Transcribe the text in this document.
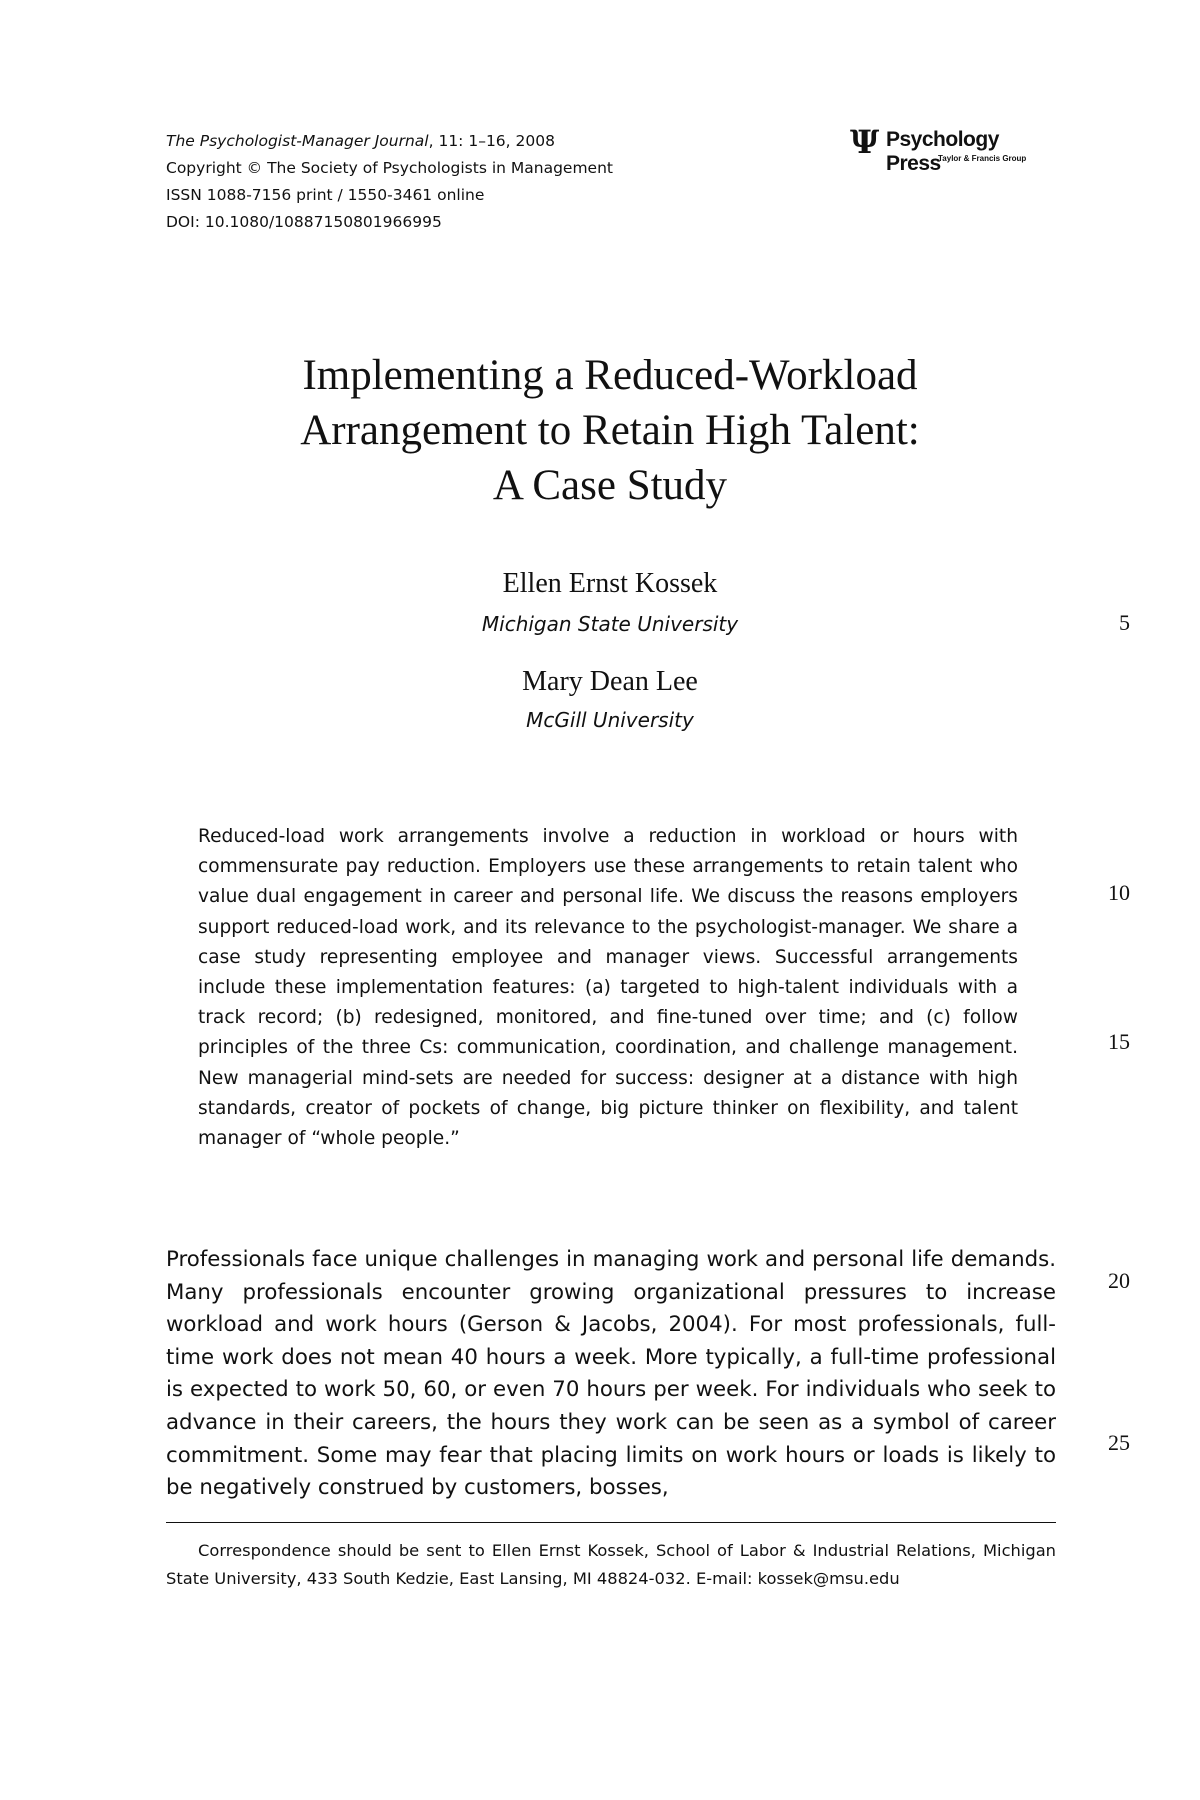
The Psychologist-Manager Journal, 11: 1–16, 2008
Copyright © The Society of Psychologists in Management
ISSN 1088-7156 print / 1550-3461 online
DOI: 10.1080/10887150801966995
Ψ Psychology Press
Taylor & Francis Group
Implementing a Reduced-Workload
Arrangement to Retain High Talent:
A Case Study
Ellen Ernst Kossek
Michigan State University
Mary Dean Lee
McGill University
5
10
15
20
25
Reduced-load work arrangements involve a reduction in workload or hours with commensurate pay reduction. Employers use these arrangements to retain talent who value dual engagement in career and personal life. We discuss the reasons employers support reduced-load work, and its relevance to the psychologist-manager. We share a case study representing employee and manager views. Successful arrangements include these implementation features: (a) targeted to high-talent individuals with a track record; (b) redesigned, monitored, and fine-tuned over time; and (c) follow principles of the three Cs: communication, coordination, and challenge management. New managerial mind-sets are needed for success: designer at a distance with high standards, creator of pockets of change, big picture thinker on flexibility, and talent manager of “whole people.”
Professionals face unique challenges in managing work and personal life demands. Many professionals encounter growing organizational pressures to increase workload and work hours (Gerson & Jacobs, 2004). For most professionals, full-time work does not mean 40 hours a week. More typically, a full-time professional is expected to work 50, 60, or even 70 hours per week. For individuals who seek to advance in their careers, the hours they work can be seen as a symbol of career commitment. Some may fear that placing limits on work hours or loads is likely to be negatively construed by customers, bosses,
Correspondence should be sent to Ellen Ernst Kossek, School of Labor & Industrial Relations, Michigan State University, 433 South Kedzie, East Lansing, MI 48824-032. E-mail: kossek@msu.edu
